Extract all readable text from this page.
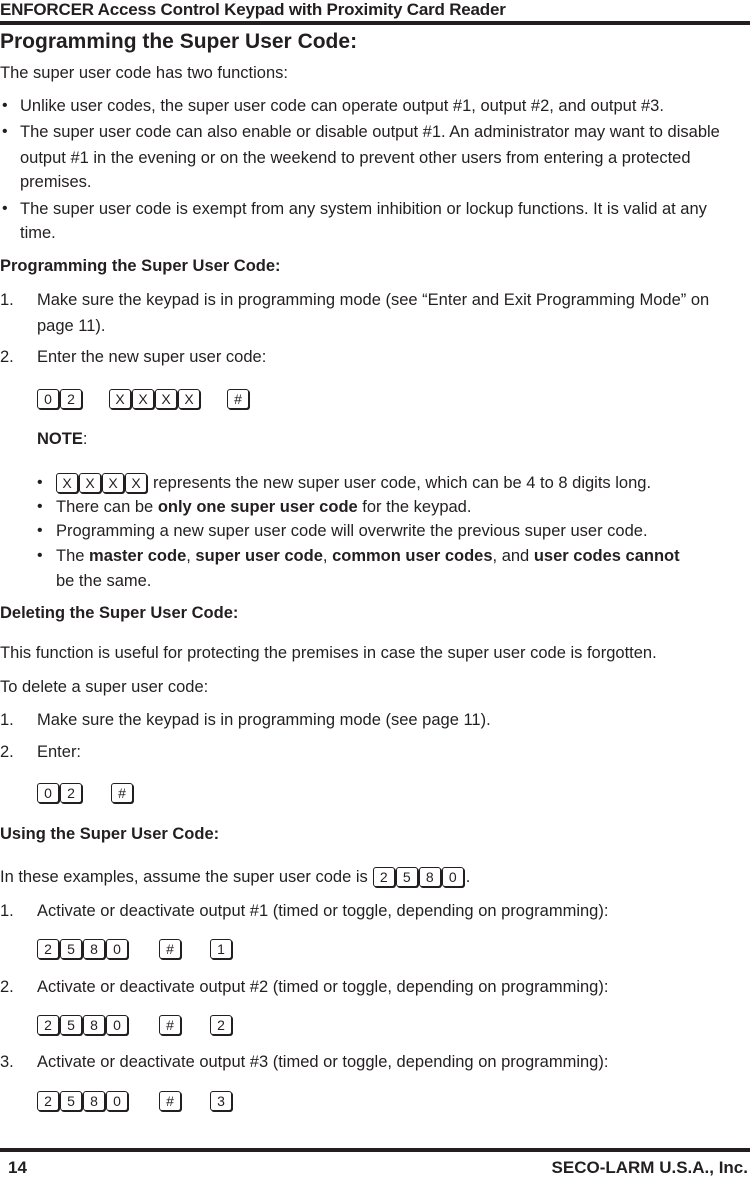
ENFORCER Access Control Keypad with Proximity Card Reader
Programming the Super User Code:
The super user code has two functions:
• Unlike user codes, the super user code can operate output #1, output #2, and output #3.
• The super user code can also enable or disable output #1. An administrator may want to disable
output #1 in the evening or on the weekend to prevent other users from entering a protected
premises.
• The super user code is exempt from any system inhibition or lockup functions. It is valid at any
time.
Programming the Super User Code:
1. Make sure the keypad is in programming mode (see “Enter and Exit Programming Mode” on
page 11).
2. Enter the new super user code:
0	2	X X X X	#
NOTE:
•	X X X X represents the new super user code, which can be 4 to 8 digits long.
• There can be only one super user code for the keypad.
• Programming a new super user code will overwrite the previous super user code.
• The master code, super user code, common user codes, and user codes cannot
be the same.
Deleting the Super User Code:
This function is useful for protecting the premises in case the super user code is forgotten.
To delete a super user code:
1. Make sure the keypad is in programming mode (see page 11).
2. Enter:
0	2	#
Using the Super User Code:
In these examples, assume the super user code is 2	5	8	0 .
1. Activate or deactivate output #1 (timed or toggle, depending on programming):
2	5	8	0	#	1
2. Activate or deactivate output #2 (timed or toggle, depending on programming):
2	5	8	0	#	2
3. Activate or deactivate output #3 (timed or toggle, depending on programming):
2	5	8	0	#	3
14	SECO-LARM U.S.A., Inc.
